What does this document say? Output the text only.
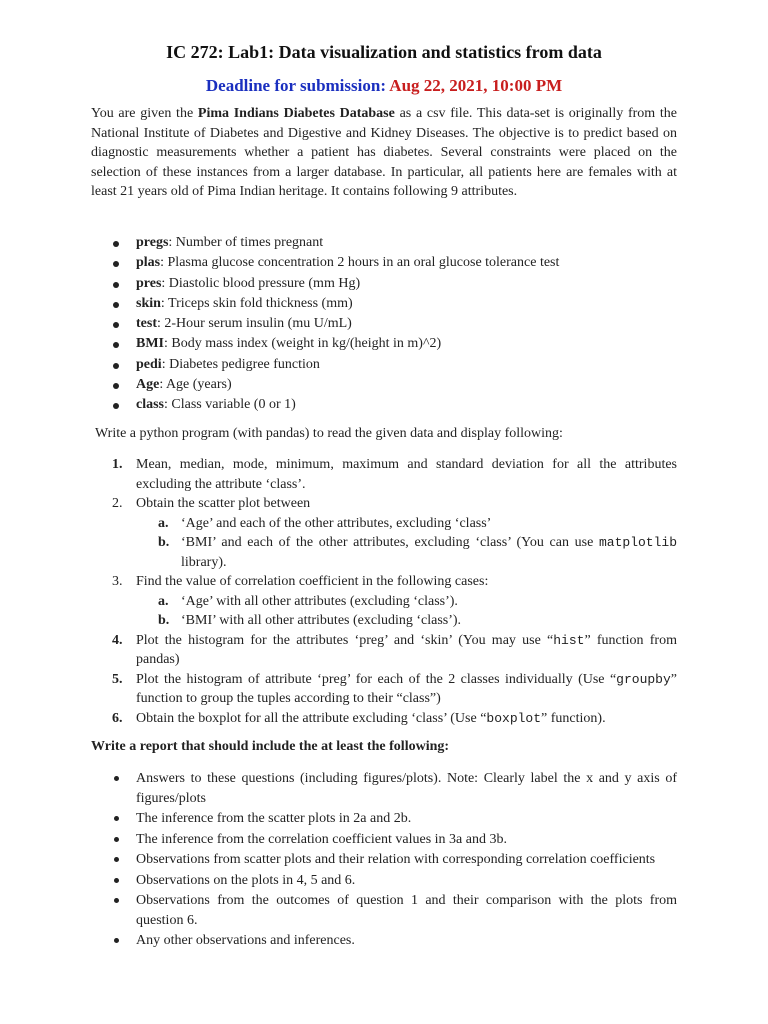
IC 272: Lab1: Data visualization and statistics from data
Deadline for submission: Aug 22, 2021, 10:00 PM
You are given the Pima Indians Diabetes Database as a csv file. This data-set is originally from the National Institute of Diabetes and Digestive and Kidney Diseases. The objective is to predict based on diagnostic measurements whether a patient has diabetes. Several constraints were placed on the selection of these instances from a larger database. In particular, all patients here are females with at least 21 years old of Pima Indian heritage. It contains following 9 attributes.
pregs: Number of times pregnant
plas: Plasma glucose concentration 2 hours in an oral glucose tolerance test
pres: Diastolic blood pressure (mm Hg)
skin: Triceps skin fold thickness (mm)
test: 2-Hour serum insulin (mu U/mL)
BMI: Body mass index (weight in kg/(height in m)^2)
pedi: Diabetes pedigree function
Age: Age (years)
class: Class variable (0 or 1)
Write a python program (with pandas) to read the given data and display following:
1. Mean, median, mode, minimum, maximum and standard deviation for all the attributes excluding the attribute ‘class’.
2. Obtain the scatter plot between
a. ‘Age’ and each of the other attributes, excluding ‘class’
b. ‘BMI’ and each of the other attributes, excluding ‘class’ (You can use matplotlib library).
3. Find the value of correlation coefficient in the following cases:
a. ‘Age’ with all other attributes (excluding ‘class’).
b. ‘BMI’ with all other attributes (excluding ‘class’).
4. Plot the histogram for the attributes ‘preg’ and ‘skin’ (You may use “hist” function from pandas)
5. Plot the histogram of attribute ‘preg’ for each of the 2 classes individually (Use “groupby” function to group the tuples according to their “class”)
6. Obtain the boxplot for all the attribute excluding ‘class’ (Use “boxplot” function).
Write a report that should include the at least the following:
Answers to these questions (including figures/plots). Note: Clearly label the x and y axis of figures/plots
The inference from the scatter plots in 2a and 2b.
The inference from the correlation coefficient values in 3a and 3b.
Observations from scatter plots and their relation with corresponding correlation coefficients
Observations on the plots in 4, 5 and 6.
Observations from the outcomes of question 1 and their comparison with the plots from question 6.
Any other observations and inferences.
